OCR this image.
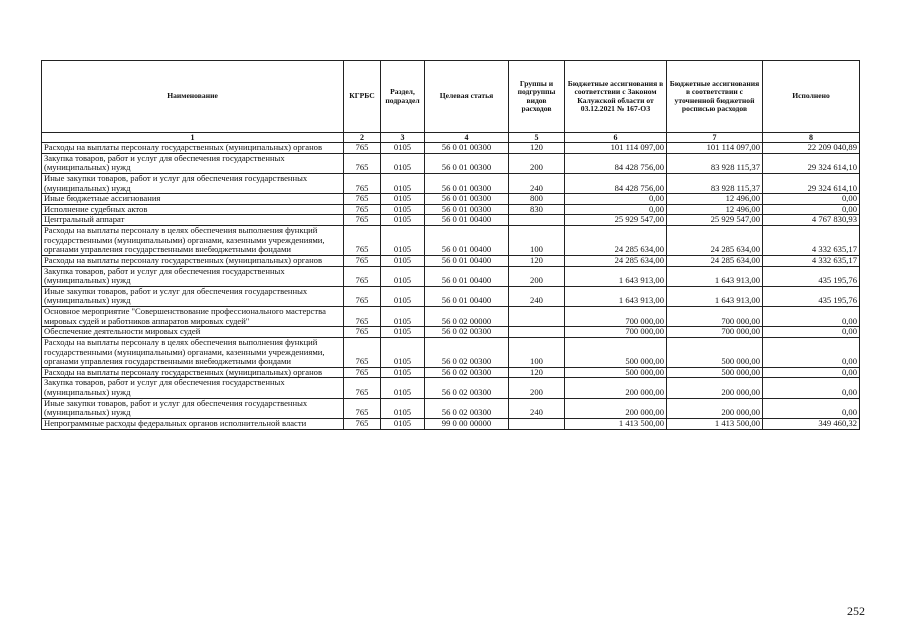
Наименование	КГРБС	Раздел, подраздел	Целевая статья	Группы и подгруппы видов расходов	Бюджетные ассигнования в соответствии с Законом Калужской области от 03.12.2021 № 167-ОЗ	Бюджетные ассигнования в соответствии с уточненной бюджетной росписью расходов	Исполнено
1	2	3	4	5	6	7	8
Расходы на выплаты персоналу государственных (муниципальных) органов	765	0105	56 0 01 00300	120	101 114 097,00	101 114 097,00	22 209 040,89
Закупка товаров, работ и услуг для обеспечения государственных (муниципальных) нужд	765	0105	56 0 01 00300	200	84 428 756,00	83 928 115,37	29 324 614,10
Иные закупки товаров, работ и услуг для обеспечения государственных (муниципальных) нужд	765	0105	56 0 01 00300	240	84 428 756,00	83 928 115,37	29 324 614,10
Иные бюджетные ассигнования	765	0105	56 0 01 00300	800	0,00	12 496,00	0,00
Исполнение судебных актов	765	0105	56 0 01 00300	830	0,00	12 496,00	0,00
Центральный аппарат	765	0105	56 0 01 00400		25 929 547,00	25 929 547,00	4 767 830,93
Расходы на выплаты персоналу в целях обеспечения выполнения функций государственными (муниципальными) органами, казенными учреждениями, органами управления государственными внебюджетными фондами	765	0105	56 0 01 00400	100	24 285 634,00	24 285 634,00	4 332 635,17
Расходы на выплаты персоналу государственных (муниципальных) органов	765	0105	56 0 01 00400	120	24 285 634,00	24 285 634,00	4 332 635,17
Закупка товаров, работ и услуг для обеспечения государственных (муниципальных) нужд	765	0105	56 0 01 00400	200	1 643 913,00	1 643 913,00	435 195,76
Иные закупки товаров, работ и услуг для обеспечения государственных (муниципальных) нужд	765	0105	56 0 01 00400	240	1 643 913,00	1 643 913,00	435 195,76
Основное мероприятие "Совершенствование профессионального мастерства мировых судей и работников аппаратов мировых судей"	765	0105	56 0 02 00000		700 000,00	700 000,00	0,00
Обеспечение деятельности мировых судей	765	0105	56 0 02 00300		700 000,00	700 000,00	0,00
Расходы на выплаты персоналу в целях обеспечения выполнения функций государственными (муниципальными) органами, казенными учреждениями, органами управления государственными внебюджетными фондами	765	0105	56 0 02 00300	100	500 000,00	500 000,00	0,00
Расходы на выплаты персоналу государственных (муниципальных) органов	765	0105	56 0 02 00300	120	500 000,00	500 000,00	0,00
Закупка товаров, работ и услуг для обеспечения государственных (муниципальных) нужд	765	0105	56 0 02 00300	200	200 000,00	200 000,00	0,00
Иные закупки товаров, работ и услуг для обеспечения государственных (муниципальных) нужд	765	0105	56 0 02 00300	240	200 000,00	200 000,00	0,00
Непрограммные расходы федеральных органов исполнительной власти	765	0105	99 0 00 00000		1 413 500,00	1 413 500,00	349 460,32
252
